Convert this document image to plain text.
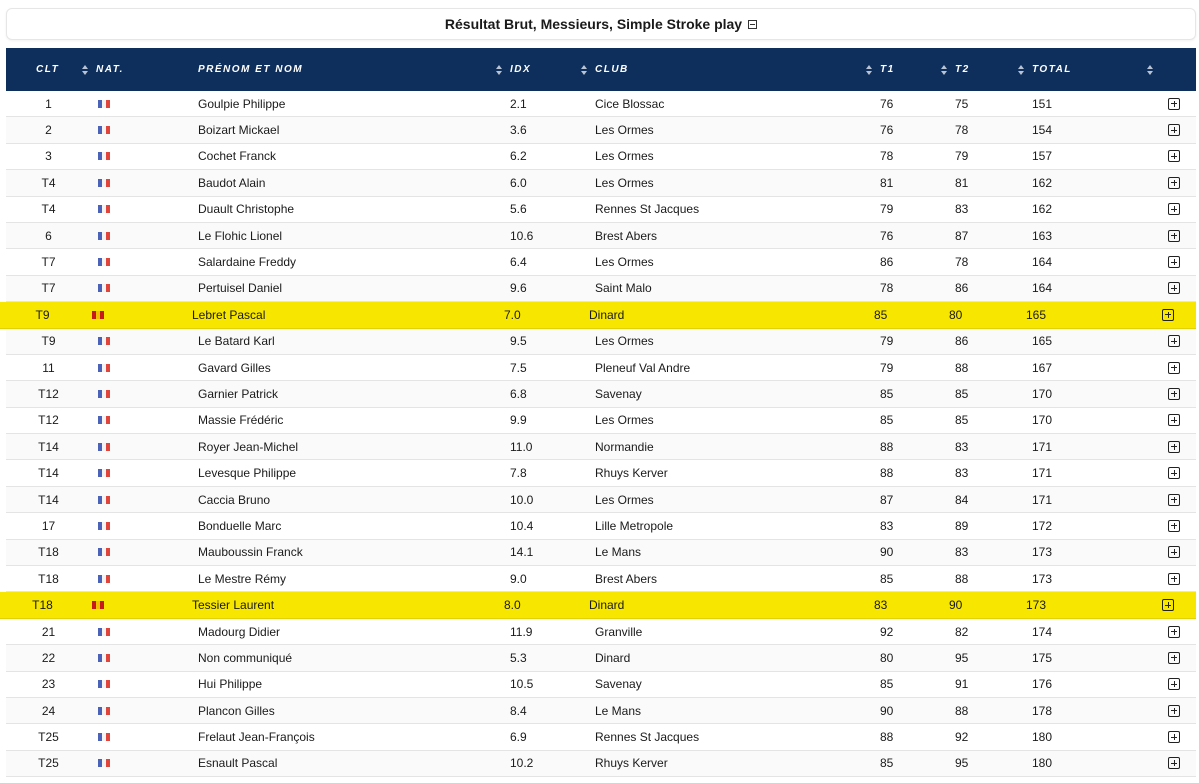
Résultat Brut, Messieurs, Simple Stroke play
CLT	NAT.	PRÉNOM ET NOM	IDX	CLUB	T1	T2	TOTAL
1	Goulpie Philippe	2.1	Cice Blossac	76	75	151
2	Boizart Mickael	3.6	Les Ormes	76	78	154
3	Cochet Franck	6.2	Les Ormes	78	79	157
T4	Baudot Alain	6.0	Les Ormes	81	81	162
T4	Duault Christophe	5.6	Rennes St Jacques	79	83	162
6	Le Flohic Lionel	10.6	Brest Abers	76	87	163
T7	Salardaine Freddy	6.4	Les Ormes	86	78	164
T7	Pertuisel Daniel	9.6	Saint Malo	78	86	164
T9	Lebret Pascal	7.0	Dinard	85	80	165
T9	Le Batard Karl	9.5	Les Ormes	79	86	165
11	Gavard Gilles	7.5	Pleneuf Val Andre	79	88	167
T12	Garnier Patrick	6.8	Savenay	85	85	170
T12	Massie Frédéric	9.9	Les Ormes	85	85	170
T14	Royer Jean-Michel	11.0	Normandie	88	83	171
T14	Levesque Philippe	7.8	Rhuys Kerver	88	83	171
T14	Caccia Bruno	10.0	Les Ormes	87	84	171
17	Bonduelle Marc	10.4	Lille Metropole	83	89	172
T18	Mauboussin Franck	14.1	Le Mans	90	83	173
T18	Le Mestre Rémy	9.0	Brest Abers	85	88	173
T18	Tessier Laurent	8.0	Dinard	83	90	173
21	Madourg Didier	11.9	Granville	92	82	174
22	Non communiqué	5.3	Dinard	80	95	175
23	Hui Philippe	10.5	Savenay	85	91	176
24	Plancon Gilles	8.4	Le Mans	90	88	178
T25	Frelaut Jean-François	6.9	Rennes St Jacques	88	92	180
T25	Esnault Pascal	10.2	Rhuys Kerver	85	95	180
